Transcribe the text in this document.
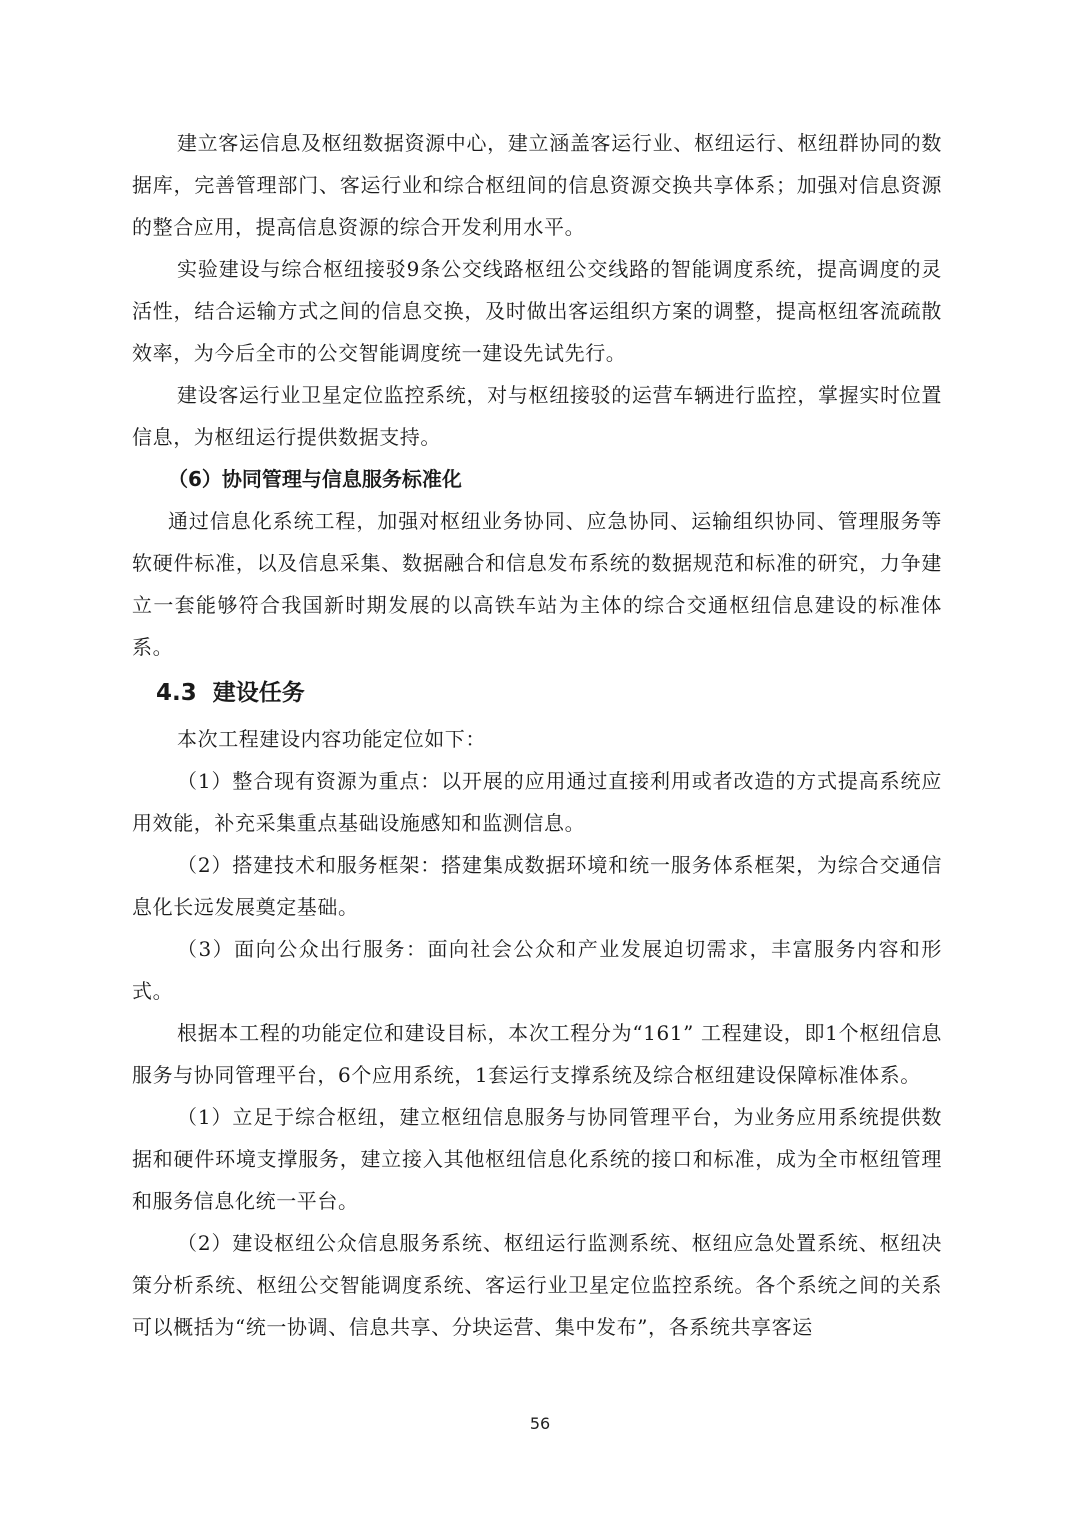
建立客运信息及枢纽数据资源中心，建立涵盖客运行业、枢纽运行、枢纽群协同的数据库，完善管理部门、客运行业和综合枢纽间的信息资源交换共享体系；加强对信息资源的整合应用，提高信息资源的综合开发利用水平。

实验建设与综合枢纽接驳9条公交线路枢纽公交线路的智能调度系统，提高调度的灵活性，结合运输方式之间的信息交换，及时做出客运组织方案的调整，提高枢纽客流疏散效率，为今后全市的公交智能调度统一建设先试先行。

建设客运行业卫星定位监控系统，对与枢纽接驳的运营车辆进行监控，掌握实时位置信息，为枢纽运行提供数据支持。

（6）协同管理与信息服务标准化

通过信息化系统工程，加强对枢纽业务协同、应急协同、运输组织协同、管理服务等软硬件标准，以及信息采集、数据融合和信息发布系统的数据规范和标准的研究，力争建立一套能够符合我国新时期发展的以高铁车站为主体的综合交通枢纽信息建设的标准体系。

4.3 建设任务

本次工程建设内容功能定位如下：

（1）整合现有资源为重点：以开展的应用通过直接利用或者改造的方式提高系统应用效能，补充采集重点基础设施感知和监测信息。

（2）搭建技术和服务框架：搭建集成数据环境和统一服务体系框架，为综合交通信息化长远发展奠定基础。

（3）面向公众出行服务：面向社会公众和产业发展迫切需求，丰富服务内容和形式。

根据本工程的功能定位和建设目标，本次工程分为“161” 工程建设，即1个枢纽信息服务与协同管理平台，6个应用系统，1套运行支撑系统及综合枢纽建设保障标准体系。

（1）立足于综合枢纽，建立枢纽信息服务与协同管理平台，为业务应用系统提供数据和硬件环境支撑服务，建立接入其他枢纽信息化系统的接口和标准，成为全市枢纽管理和服务信息化统一平台。

（2）建设枢纽公众信息服务系统、枢纽运行监测系统、枢纽应急处置系统、枢纽决策分析系统、枢纽公交智能调度系统、客运行业卫星定位监控系统。各个系统之间的关系可以概括为“统一协调、信息共享、分块运营、集中发布”，各系统共享客运

56
